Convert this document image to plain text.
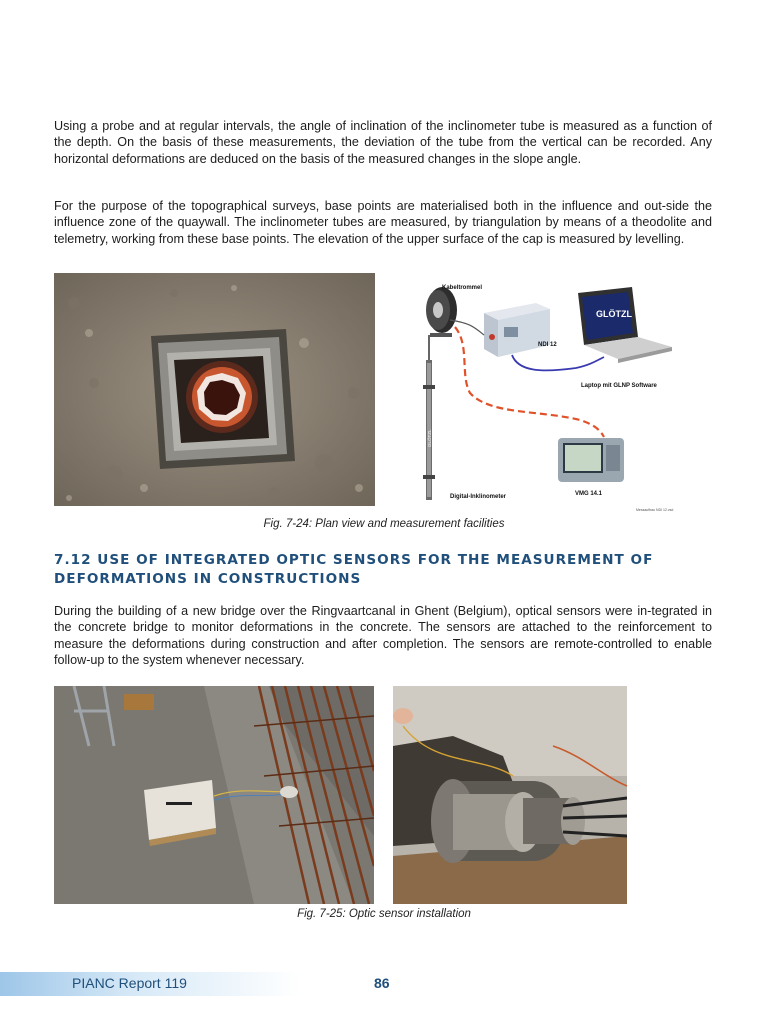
Using a probe and at regular intervals, the angle of inclination of the inclinometer tube is measured as a function of the depth. On the basis of these measurements, the deviation of the tube from the vertical can be recorded. Any horizontal deformations are deduced on the basis of the measured changes in the slope angle.

For the purpose of the topographical surveys, base points are materialised both in the influence and out-side the influence zone of the quaywall. The inclinometer tubes are measured, by triangulation by means of a theodolite and telemetry, working from these base points. The elevation of the upper surface of the cap is measured by levelling.

Kabeltrommel
GLÖTZL
Digital-Inklinometer
NDI 12
GLÖTZL
Laptop mit GLNP Software
VMG 14.1
Messaufbau NDI 12.vsd
Fig. 7-24: Plan view and measurement facilities
7.12 USE OF INTEGRATED OPTIC SENSORS FOR THE MEASUREMENT OF
DEFORMATIONS IN CONSTRUCTIONS

During the building of a new bridge over the Ringvaartcanal in Ghent (Belgium), optical sensors were in-tegrated in the concrete bridge to monitor deformations in the concrete. The sensors are attached to the reinforcement to measure the deformations during construction and after completion. The sensors are remote-controlled to enable follow-up to the system whenever necessary.

Fig. 7-25: Optic sensor installation
PIANC Report 119	86
